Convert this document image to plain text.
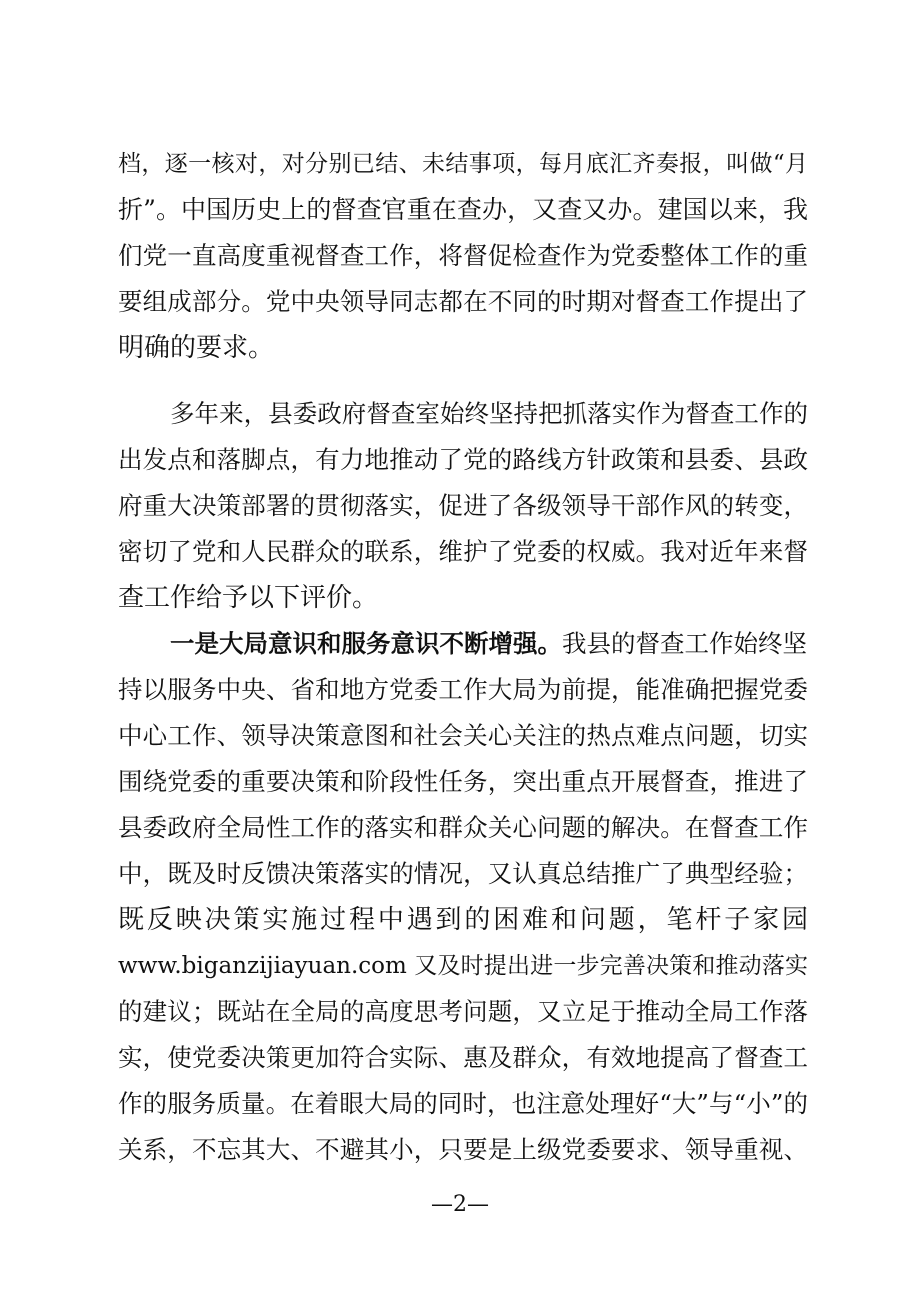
档，逐一核对，对分别已结、未结事项，每月底汇齐奏报，叫做“月
折”。中国历史上的督查官重在查办，又查又办。建国以来，我
们党一直高度重视督查工作，将督促检查作为党委整体工作的重
要组成部分。党中央领导同志都在不同的时期对督查工作提出了
明确的要求。
多年来，县委政府督查室始终坚持把抓落实作为督查工作的
出发点和落脚点，有力地推动了党的路线方针政策和县委、县政
府重大决策部署的贯彻落实，促进了各级领导干部作风的转变，
密切了党和人民群众的联系，维护了党委的权威。我对近年来督
查工作给予以下评价。
一是大局意识和服务意识不断增强。我县的督查工作始终坚
持以服务中央、省和地方党委工作大局为前提，能准确把握党委
中心工作、领导决策意图和社会关心关注的热点难点问题，切实
围绕党委的重要决策和阶段性任务，突出重点开展督查，推进了
县委政府全局性工作的落实和群众关心问题的解决。在督查工作
中，既及时反馈决策落实的情况，又认真总结推广了典型经验；
既反映决策实施过程中遇到的困难和问题，笔杆子家园
www.biganzijiayuan.com 又及时提出进一步完善决策和推动落实
的建议；既站在全局的高度思考问题，又立足于推动全局工作落
实，使党委决策更加符合实际、惠及群众，有效地提高了督查工
作的服务质量。在着眼大局的同时，也注意处理好“大”与“小”的
关系，不忘其大、不避其小，只要是上级党委要求、领导重视、
—2—
